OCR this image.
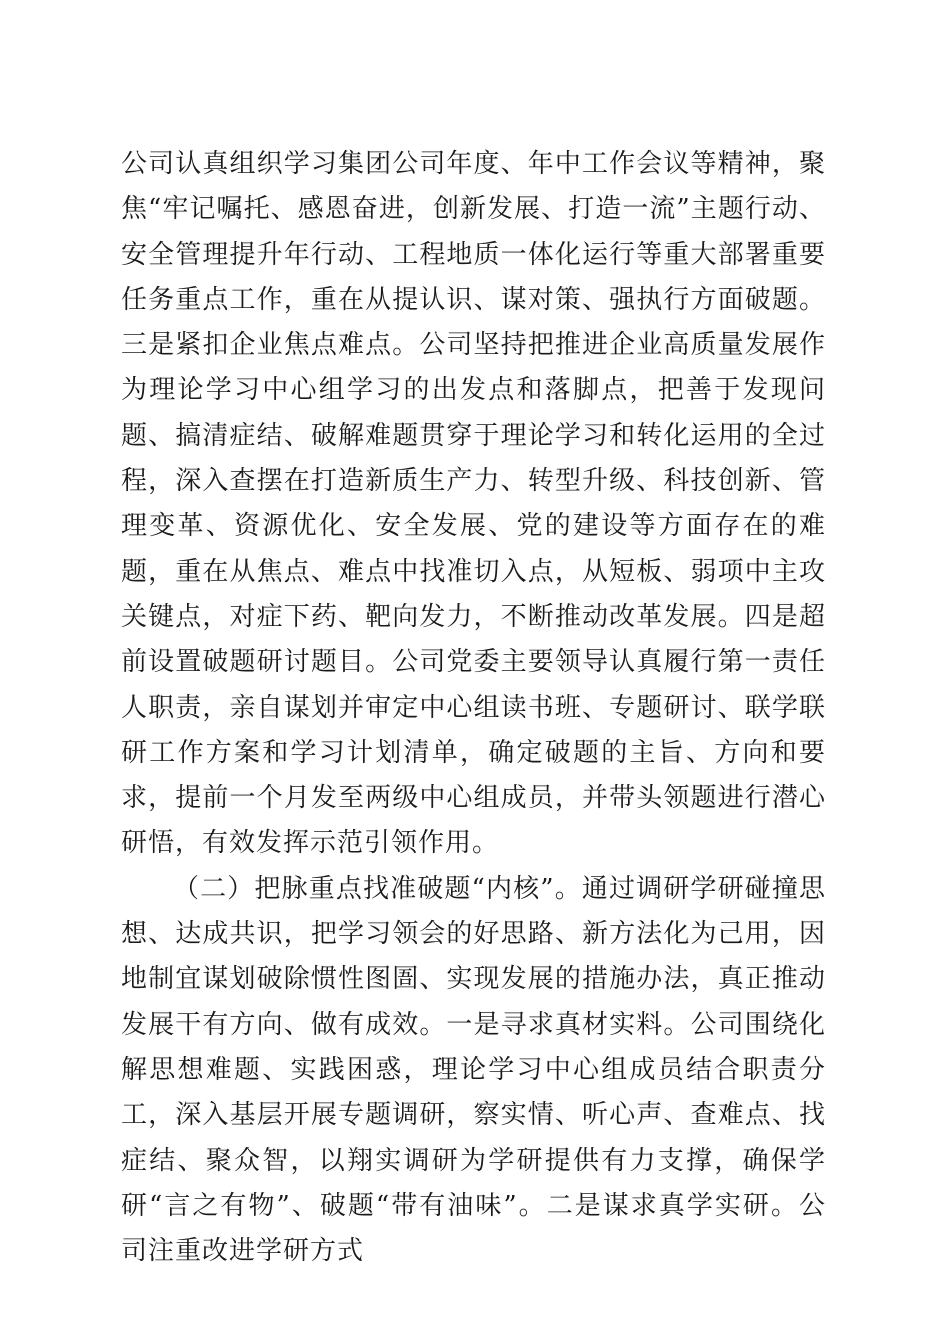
公司认真组织学习集团公司年度、年中工作会议等精神，聚焦“牢记嘱托、感恩奋进，创新发展、打造一流”主题行动、安全管理提升年行动、工程地质一体化运行等重大部署重要任务重点工作，重在从提认识、谋对策、强执行方面破题。三是紧扣企业焦点难点。公司坚持把推进企业高质量发展作为理论学习中心组学习的出发点和落脚点，把善于发现问题、搞清症结、破解难题贯穿于理论学习和转化运用的全过程，深入查摆在打造新质生产力、转型升级、科技创新、管理变革、资源优化、安全发展、党的建设等方面存在的难题，重在从焦点、难点中找准切入点，从短板、弱项中主攻关键点，对症下药、靶向发力，不断推动改革发展。四是超前设置破题研讨题目。公司党委主要领导认真履行第一责任人职责，亲自谋划并审定中心组读书班、专题研讨、联学联研工作方案和学习计划清单，确定破题的主旨、方向和要求，提前一个月发至两级中心组成员，并带头领题进行潜心研悟，有效发挥示范引领作用。

（二）把脉重点找准破题“内核”。通过调研学研碰撞思想、达成共识，把学习领会的好思路、新方法化为己用，因地制宜谋划破除惯性图圄、实现发展的措施办法，真正推动发展干有方向、做有成效。一是寻求真材实料。公司围绕化解思想难题、实践困惑，理论学习中心组成员结合职责分工，深入基层开展专题调研，察实情、听心声、查难点、找症结、聚众智，以翔实调研为学研提供有力支撑，确保学研“言之有物”、破题“带有油味”。二是谋求真学实研。公司注重改进学研方式
